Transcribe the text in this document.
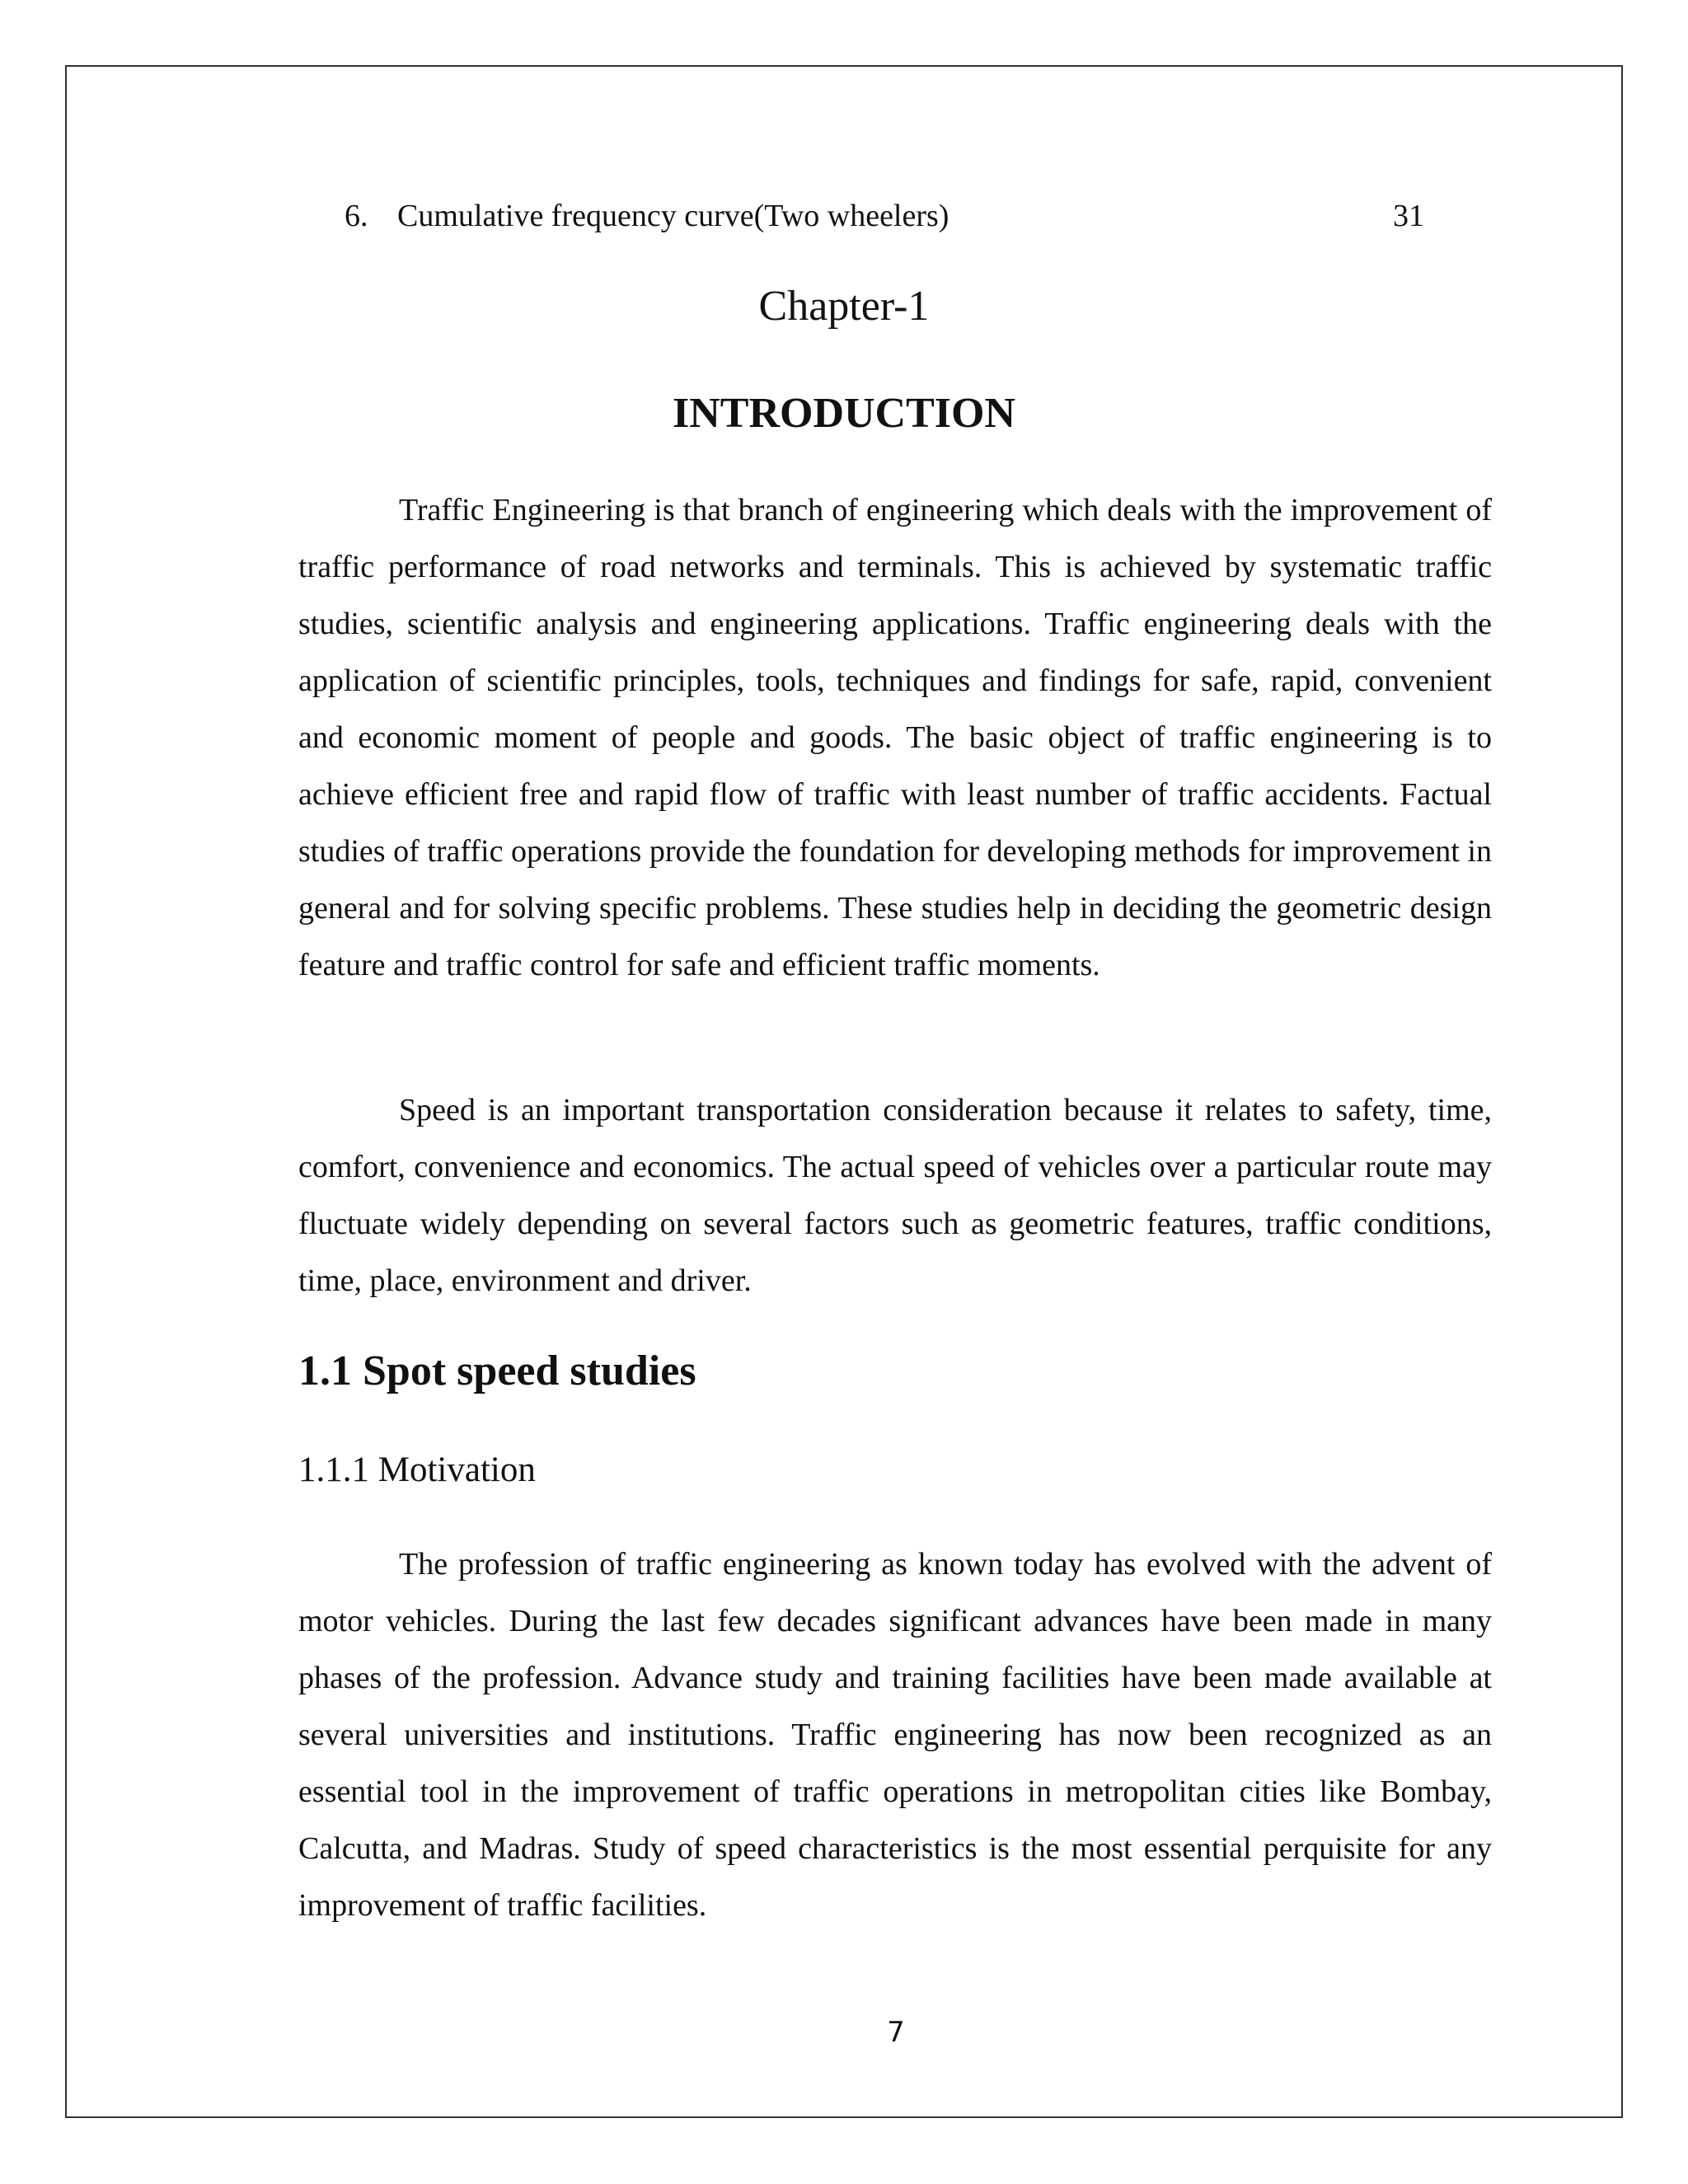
6. Cumulative frequency curve(Two wheelers)	31
Chapter-1
INTRODUCTION

Traffic Engineering is that branch of engineering which deals with the improvement of traffic performance of road networks and terminals. This is achieved by systematic traffic studies, scientific analysis and engineering applications. Traffic engineering deals with the application of scientific principles, tools, techniques and findings for safe, rapid, convenient and economic moment of people and goods. The basic object of traffic engineering is to achieve efficient free and rapid flow of traffic with least number of traffic accidents. Factual studies of traffic operations provide the foundation for developing methods for improvement in general and for solving specific problems. These studies help in deciding the geometric design feature and traffic control for safe and efficient traffic moments.

Speed is an important transportation consideration because it relates to safety, time, comfort, convenience and economics. The actual speed of vehicles over a particular route may fluctuate widely depending on several factors such as geometric features, traffic conditions, time, place, environment and driver.

1.1 Spot speed studies
1.1.1 Motivation

The profession of traffic engineering as known today has evolved with the advent of motor vehicles. During the last few decades significant advances have been made in many phases of the profession. Advance study and training facilities have been made available at several universities and institutions. Traffic engineering has now been recognized as an essential tool in the improvement of traffic operations in metropolitan cities like Bombay, Calcutta, and Madras. Study of speed characteristics is the most essential perquisite for any improvement of traffic facilities.

7
